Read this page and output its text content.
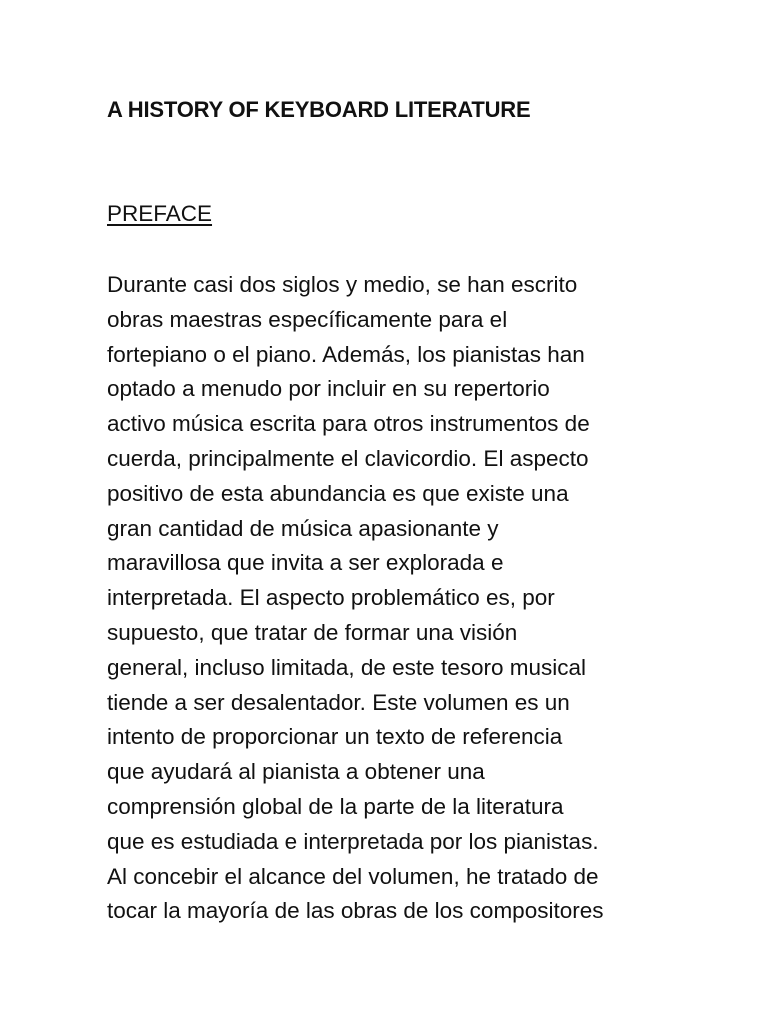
A HISTORY OF KEYBOARD LITERATURE
PREFACE
Durante casi dos siglos y medio, se han escrito
obras maestras específicamente para el
fortepiano o el piano. Además, los pianistas han
optado a menudo por incluir en su repertorio
activo música escrita para otros instrumentos de
cuerda, principalmente el clavicordio. El aspecto
positivo de esta abundancia es que existe una
gran cantidad de música apasionante y
maravillosa que invita a ser explorada e
interpretada. El aspecto problemático es, por
supuesto, que tratar de formar una visión
general, incluso limitada, de este tesoro musical
tiende a ser desalentador. Este volumen es un
intento de proporcionar un texto de referencia
que ayudará al pianista a obtener una
comprensión global de la parte de la literatura
que es estudiada e interpretada por los pianistas.
Al concebir el alcance del volumen, he tratado de
tocar la mayoría de las obras de los compositores
